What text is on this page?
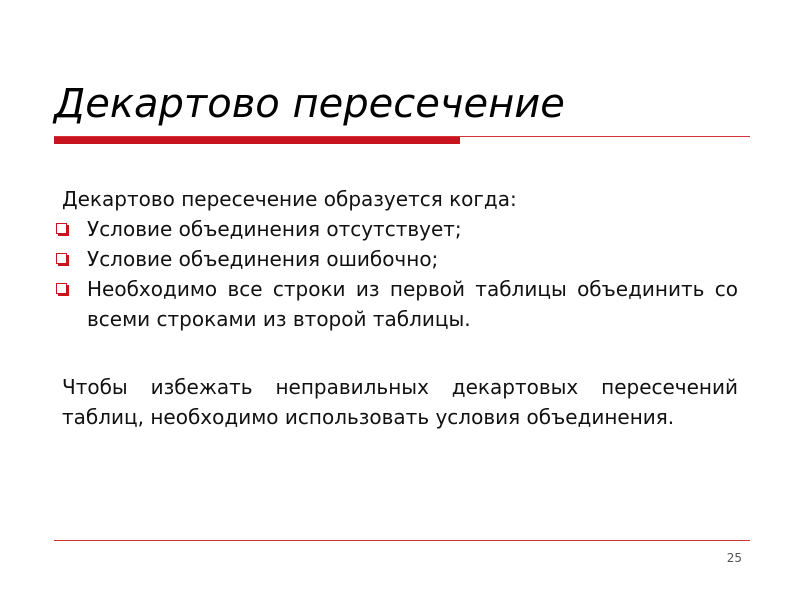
Декартово пересечение

Декартово пересечение образуется когда:

Условие объединения отсутствует;
Условие объединения ошибочно;
Необходимо все строки из первой таблицы объединить со всеми строками из второй таблицы.

Чтобы избежать неправильных декартовых пересечений таблиц, необходимо использовать условия объединения.

25
